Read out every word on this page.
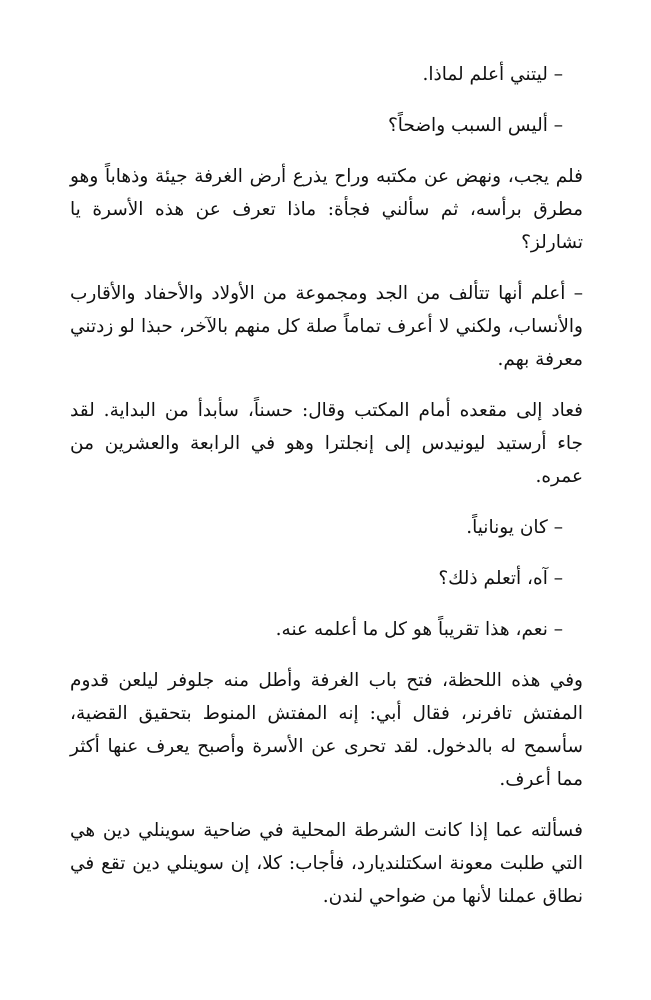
– ليتني أعلم لماذا.

– أليس السبب واضحاً؟

فلم يجب، ونهض عن مكتبه وراح يذرع أرض الغرفة جيئة وذهاباً وهو مطرق برأسه، ثم سألني فجأة: ماذا تعرف عن هذه الأسرة يا تشارلز؟

– أعلم أنها تتألف من الجد ومجموعة من الأولاد والأحفاد والأقارب والأنساب، ولكني لا أعرف تماماً صلة كل منهم بالآخر، حبذا لو زدتني معرفة بهم.

فعاد إلى مقعده أمام المكتب وقال: حسناً، سأبدأ من البداية. لقد جاء أرستيد ليونيدس إلى إنجلترا وهو في الرابعة والعشرين من عمره.

– كان يونانياً.

– آه، أتعلم ذلك؟

– نعم، هذا تقريباً هو كل ما أعلمه عنه.

وفي هذه اللحظة، فتح باب الغرفة وأطل منه جلوفر ليلعن قدوم المفتش تافرنر، فقال أبي: إنه المفتش المنوط بتحقيق القضية، سأسمح له بالدخول. لقد تحرى عن الأسرة وأصبح يعرف عنها أكثر مما أعرف.

فسألته عما إذا كانت الشرطة المحلية في ضاحية سوينلي دين هي التي طلبت معونة اسكتلنديارد، فأجاب: كلا، إن سوينلي دين تقع في نطاق عملنا لأنها من ضواحي لندن.
